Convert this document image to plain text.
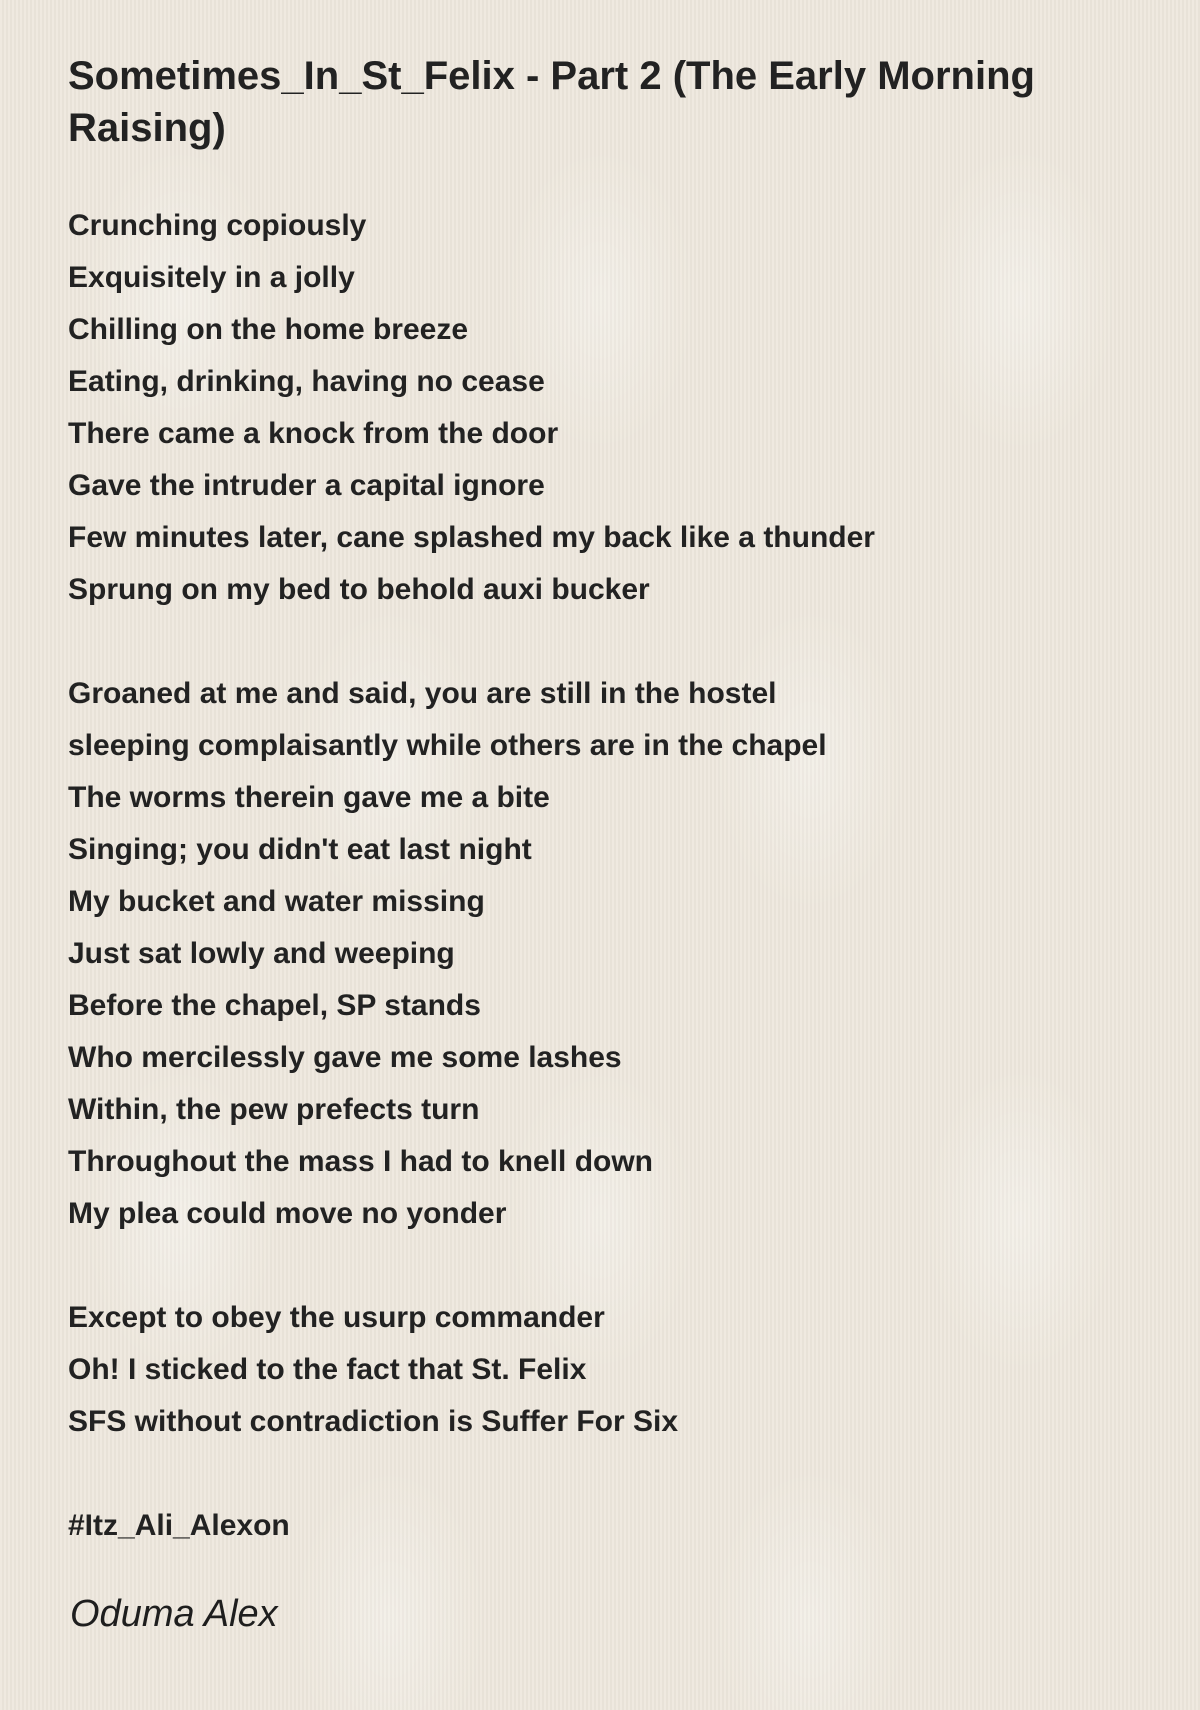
Sometimes_In_St_Felix - Part 2 (The Early Morning Raising)
Crunching copiously
Exquisitely in a jolly
Chilling on the home breeze
Eating, drinking, having no cease
There came a knock from the door
Gave the intruder a capital ignore
Few minutes later, cane splashed my back like a thunder
Sprung on my bed to behold auxi bucker
Groaned at me and said, you are still in the hostel
sleeping complaisantly while others are in the chapel
The worms therein gave me a bite
Singing; you didn't eat last night
My bucket and water missing
Just sat lowly and weeping
Before the chapel, SP stands
Who mercilessly gave me some lashes
Within, the pew prefects turn
Throughout the mass I had to knell down
My plea could move no yonder
Except to obey the usurp commander
Oh! I sticked to the fact that St. Felix
SFS without contradiction is Suffer For Six
#Itz_Ali_Alexon
Oduma Alex
